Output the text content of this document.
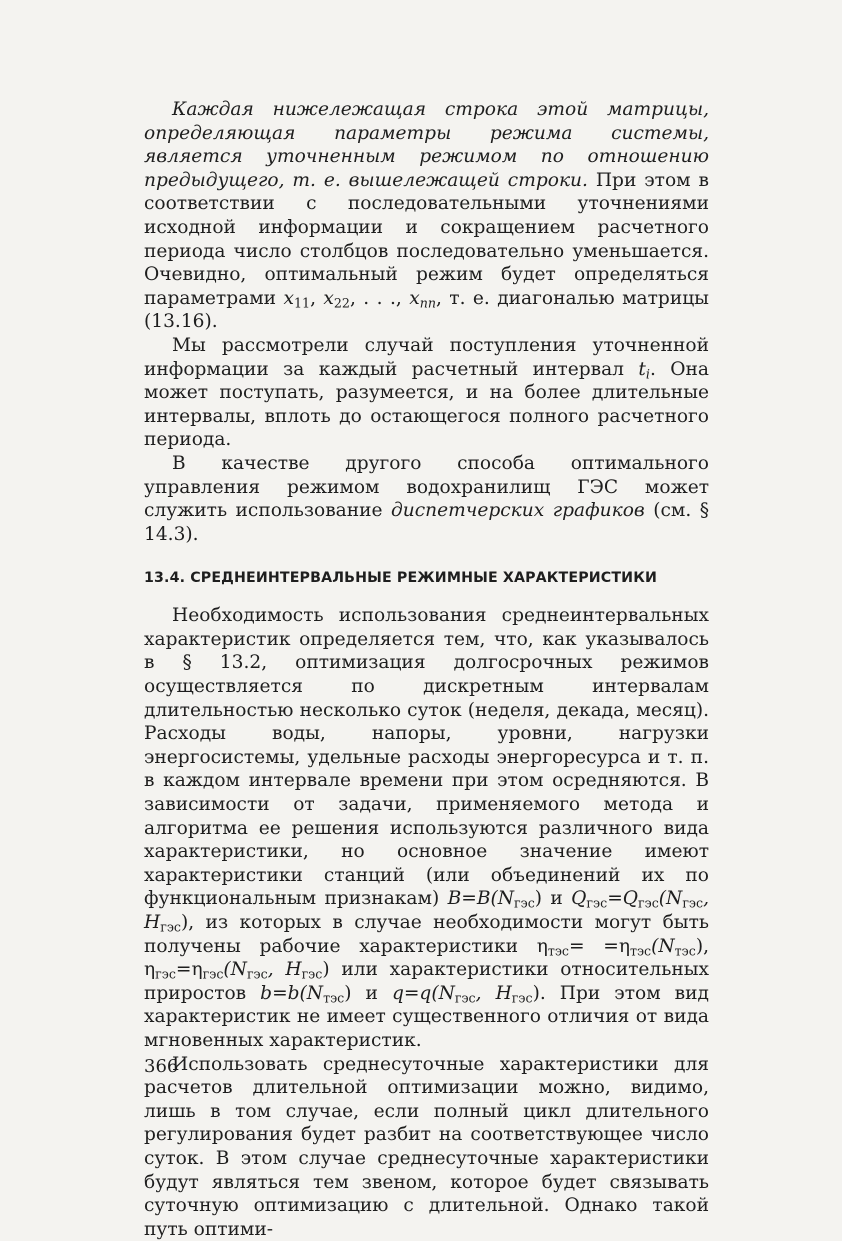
Каждая нижележащая строка этой матрицы, определяющая параметры режима системы, является уточненным режимом по отношению предыдущего, т. е. вышележащей строки. При этом в соответствии с последовательными уточнениями исходной информации и сокращением расчетного периода число столбцов последовательно уменьшается. Очевидно, оптимальный режим будет определяться параметрами $x_{11}$, $x_{22}$, . . ., $x_{nn}$, т. е. диагональю матрицы (13.16).

Мы рассмотрели случай поступления уточненной информации за каждый расчетный интервал $t_i$. Она может поступать, разумеется, и на более длительные интервалы, вплоть до остающегося полного расчетного периода.

В качестве другого способа оптимального управления режимом водохранилищ ГЭС может служить использование диспетчерских графиков (см. § 14.3).

13.4. СРЕДНЕИНТЕРВАЛЬНЫЕ РЕЖИМНЫЕ ХАРАКТЕРИСТИКИ

Необходимость использования среднеинтервальных характеристик определяется тем, что, как указывалось в § 13.2, оптимизация долгосрочных режимов осуществляется по дискретным интервалам длительностью несколько суток (неделя, декада, месяц). Расходы воды, напоры, уровни, нагрузки энергосистемы, удельные расходы энергоресурса и т. п. в каждом интервале времени при этом осредняются. В зависимости от задачи, применяемого метода и алгоритма ее решения используются различного вида характеристики, но основное значение имеют характеристики станций (или объединений их по функциональным признакам) $B=B(N_{гэс})$ и $Q_{гэс}=Q_{гэс}(N_{гэс}$, $H_{гэс}$), из которых в случае необходимости могут быть получены рабочие характеристики $\eta_{тэс}= =\eta_{тэс}(N_{тэс})$, $\eta_{гэс}=\eta_{гэс}(N_{гэс}$, $H_{гэс}$) или характеристики относительных приростов $b=b(N_{тэс})$ и $q=q(N_{гэс}$, $H_{гэс}$). При этом вид характеристик не имеет существенного отличия от вида мгновенных характеристик.

Использовать среднесуточные характеристики для расчетов длительной оптимизации можно, видимо, лишь в том случае, если полный цикл длительного регулирования будет разбит на соответствующее число суток. В этом случае среднесуточные характеристики будут являться тем звеном, которое будет связывать суточную оптимизацию с длительной. Однако такой путь оптими-

366
